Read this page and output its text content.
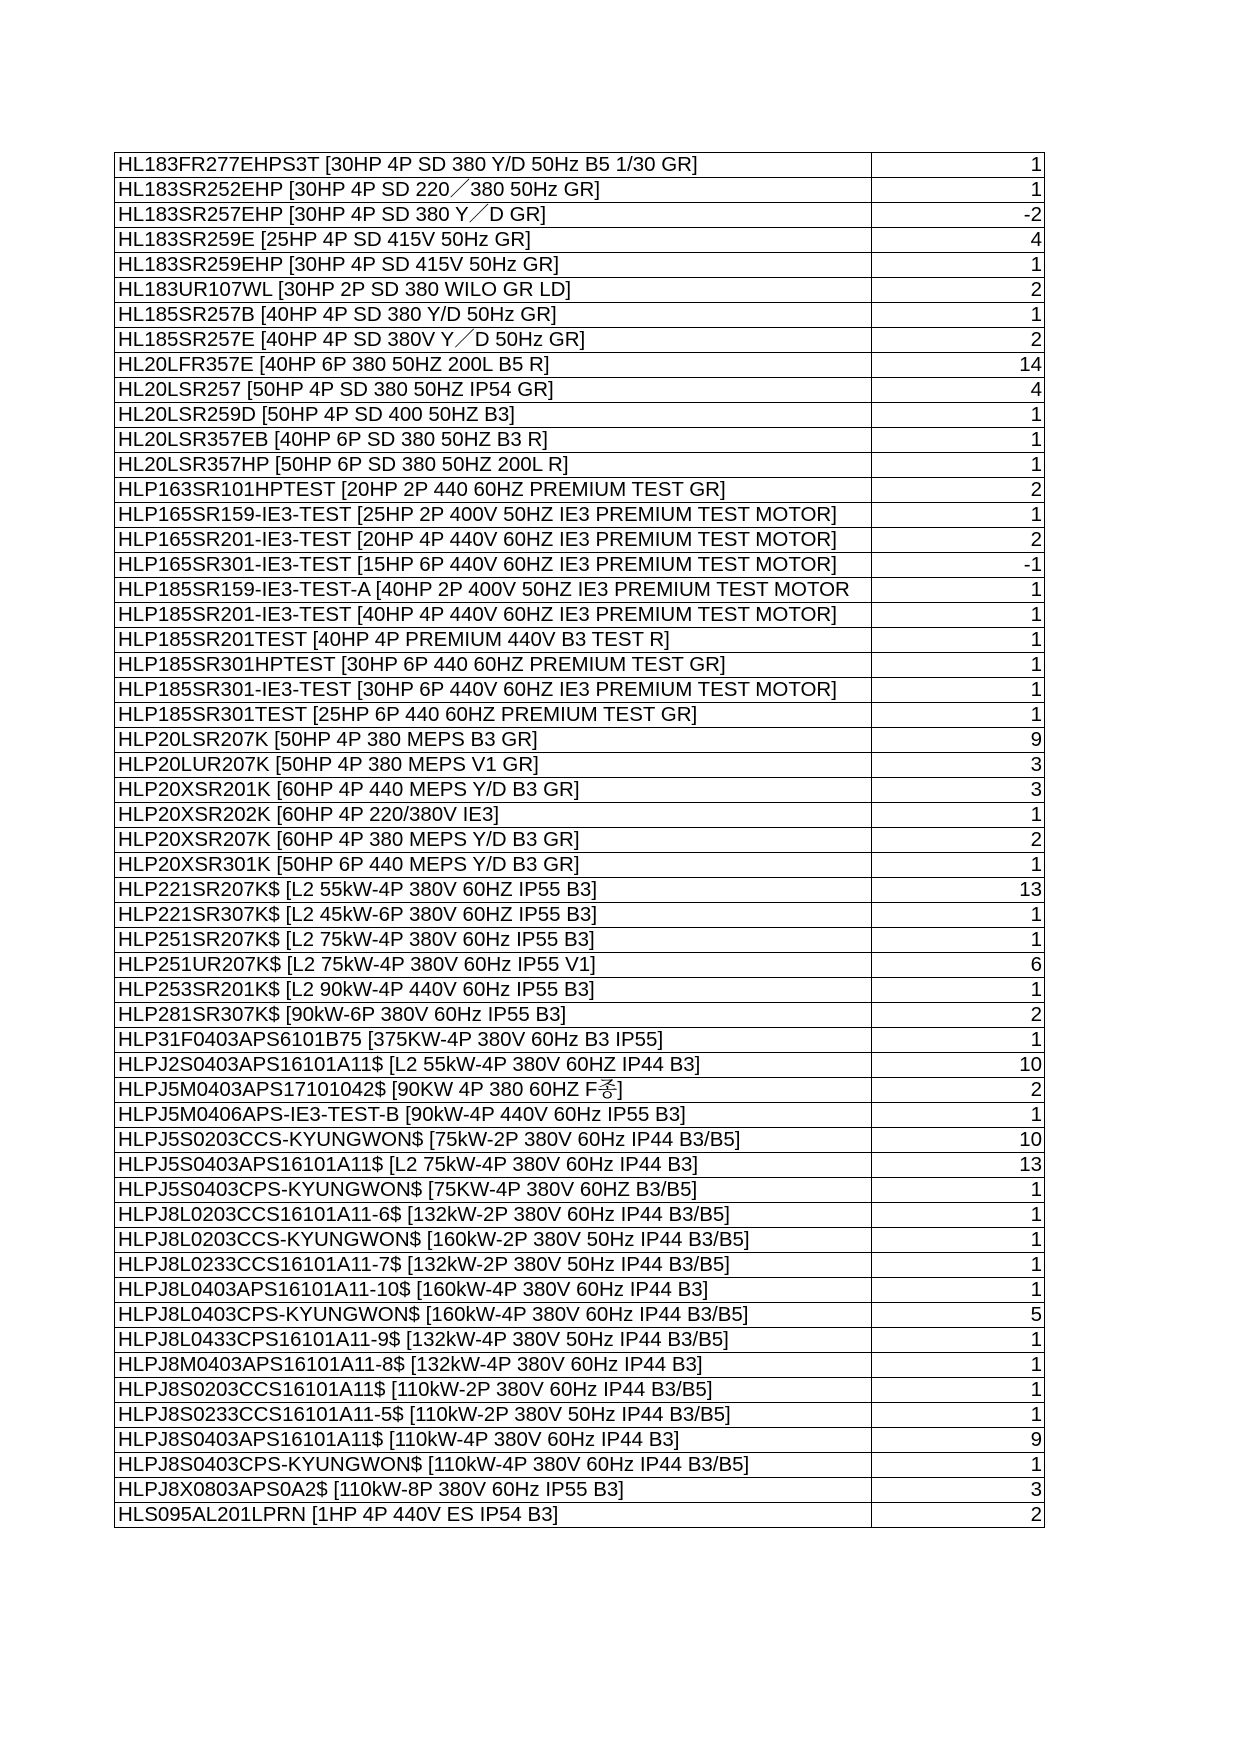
HL183FR277EHPS3T [30HP 4P SD 380 Y/D 50Hz B5 1/30 GR]	1
HL183SR252EHP [30HP 4P SD 220／380 50Hz GR]	1
HL183SR257EHP [30HP 4P SD 380 Y／D GR]	-2
HL183SR259E [25HP 4P SD 415V 50Hz GR]	4
HL183SR259EHP [30HP 4P SD 415V 50Hz GR]	1
HL183UR107WL [30HP 2P SD 380 WILO GR LD]	2
HL185SR257B [40HP 4P SD 380 Y/D 50Hz GR]	1
HL185SR257E [40HP 4P SD 380V Y／D 50Hz GR]	2
HL20LFR357E [40HP 6P 380 50HZ 200L B5 R]	14
HL20LSR257 [50HP 4P SD 380 50HZ IP54 GR]	4
HL20LSR259D [50HP 4P SD 400 50HZ B3]	1
HL20LSR357EB [40HP 6P SD 380 50HZ B3 R]	1
HL20LSR357HP [50HP 6P SD 380 50HZ 200L R]	1
HLP163SR101HPTEST [20HP 2P 440 60HZ PREMIUM TEST GR]	2
HLP165SR159-IE3-TEST [25HP 2P 400V 50HZ IE3 PREMIUM TEST MOTOR]	1
HLP165SR201-IE3-TEST [20HP 4P 440V 60HZ IE3 PREMIUM TEST MOTOR]	2
HLP165SR301-IE3-TEST [15HP 6P 440V 60HZ IE3 PREMIUM TEST MOTOR]	-1
HLP185SR159-IE3-TEST-A [40HP 2P 400V 50HZ IE3 PREMIUM TEST MOTOR	1
HLP185SR201-IE3-TEST [40HP 4P 440V 60HZ IE3 PREMIUM TEST MOTOR]	1
HLP185SR201TEST [40HP 4P PREMIUM 440V B3 TEST R]	1
HLP185SR301HPTEST [30HP 6P 440 60HZ PREMIUM TEST GR]	1
HLP185SR301-IE3-TEST [30HP 6P 440V 60HZ IE3 PREMIUM TEST MOTOR]	1
HLP185SR301TEST [25HP 6P 440 60HZ PREMIUM TEST GR]	1
HLP20LSR207K [50HP 4P 380 MEPS B3 GR]	9
HLP20LUR207K [50HP 4P 380 MEPS V1 GR]	3
HLP20XSR201K [60HP 4P 440 MEPS Y/D B3 GR]	3
HLP20XSR202K [60HP 4P 220/380V IE3]	1
HLP20XSR207K [60HP 4P 380 MEPS Y/D B3 GR]	2
HLP20XSR301K [50HP 6P 440 MEPS Y/D B3 GR]	1
HLP221SR207K$ [L2 55kW-4P 380V 60HZ IP55 B3]	13
HLP221SR307K$ [L2 45kW-6P 380V 60HZ IP55 B3]	1
HLP251SR207K$ [L2 75kW-4P 380V 60Hz IP55 B3]	1
HLP251UR207K$ [L2 75kW-4P 380V 60Hz IP55 V1]	6
HLP253SR201K$ [L2 90kW-4P 440V 60Hz IP55 B3]	1
HLP281SR307K$ [90kW-6P 380V 60Hz IP55 B3]	2
HLP31F0403APS6101B75 [375KW-4P 380V 60Hz B3 IP55]	1
HLPJ2S0403APS16101A11$ [L2 55kW-4P 380V 60HZ IP44 B3]	10
HLPJ5M0403APS17101042$ [90KW 4P 380 60HZ F종]	2
HLPJ5M0406APS-IE3-TEST-B [90kW-4P 440V 60Hz IP55 B3]	1
HLPJ5S0203CCS-KYUNGWON$ [75kW-2P 380V 60Hz IP44 B3/B5]	10
HLPJ5S0403APS16101A11$ [L2 75kW-4P 380V 60Hz IP44 B3]	13
HLPJ5S0403CPS-KYUNGWON$ [75KW-4P 380V 60HZ B3/B5]	1
HLPJ8L0203CCS16101A11-6$ [132kW-2P 380V 60Hz IP44 B3/B5]	1
HLPJ8L0203CCS-KYUNGWON$ [160kW-2P 380V 50Hz IP44 B3/B5]	1
HLPJ8L0233CCS16101A11-7$ [132kW-2P 380V 50Hz IP44 B3/B5]	1
HLPJ8L0403APS16101A11-10$ [160kW-4P 380V 60Hz IP44 B3]	1
HLPJ8L0403CPS-KYUNGWON$ [160kW-4P 380V 60Hz IP44 B3/B5]	5
HLPJ8L0433CPS16101A11-9$ [132kW-4P 380V 50Hz IP44 B3/B5]	1
HLPJ8M0403APS16101A11-8$ [132kW-4P 380V 60Hz IP44 B3]	1
HLPJ8S0203CCS16101A11$ [110kW-2P 380V 60Hz IP44 B3/B5]	1
HLPJ8S0233CCS16101A11-5$ [110kW-2P 380V 50Hz IP44 B3/B5]	1
HLPJ8S0403APS16101A11$ [110kW-4P 380V 60Hz IP44 B3]	9
HLPJ8S0403CPS-KYUNGWON$ [110kW-4P 380V 60Hz IP44 B3/B5]	1
HLPJ8X0803APS0A2$ [110kW-8P 380V 60Hz IP55 B3]	3
HLS095AL201LPRN [1HP 4P 440V ES IP54 B3]	2
